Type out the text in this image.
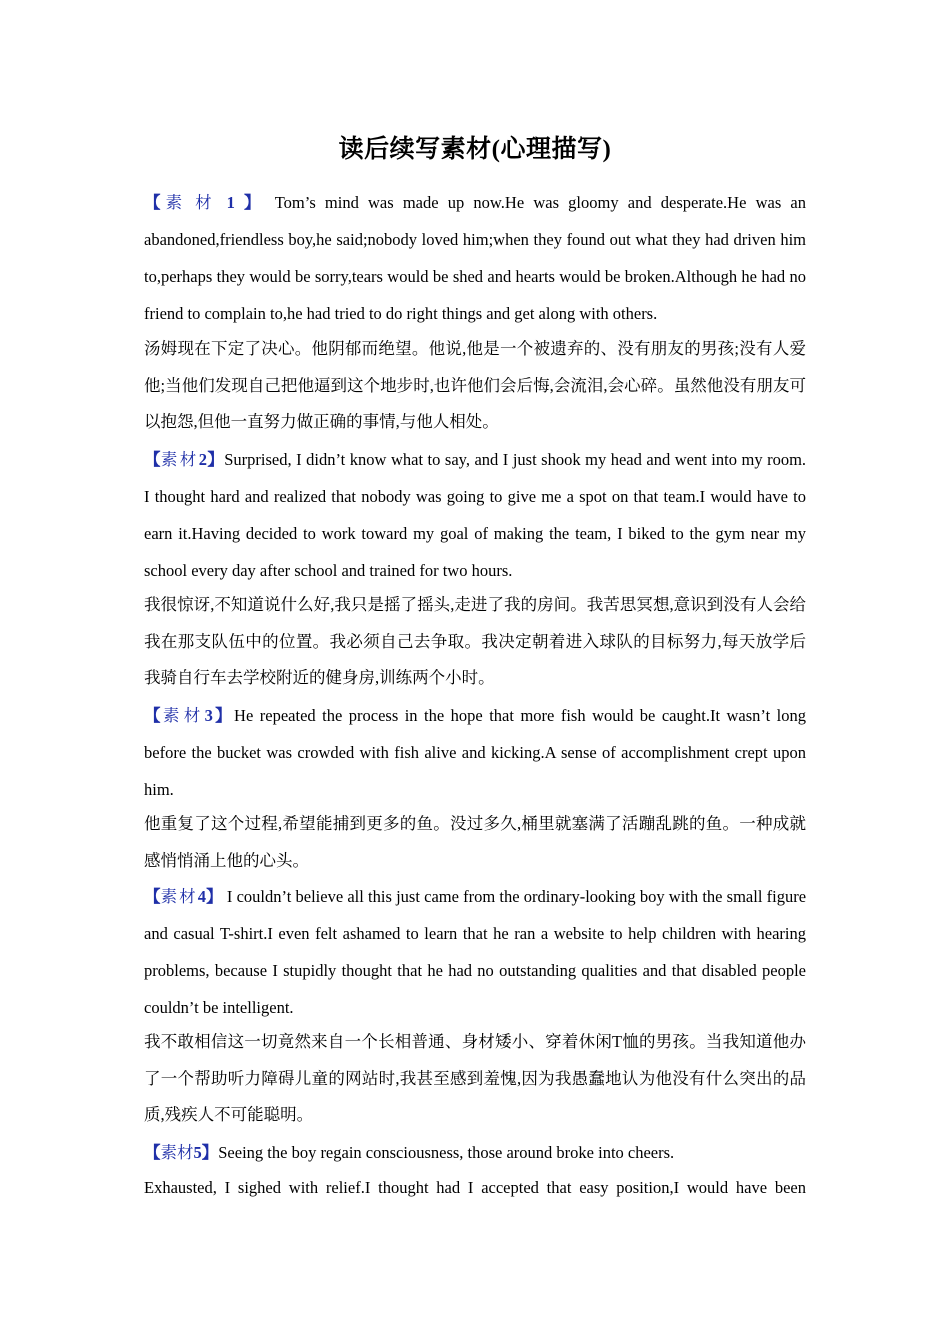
读后续写素材(心理描写)

【素材 1 】 Tom’s mind was made up now.He was gloomy and desperate.He was an abandoned,friendless boy,he said;nobody loved him;when they found out what they had driven him to,perhaps they would be sorry,tears would be shed and hearts would be broken.Although he had no friend to complain to,he had tried to do right things and get along with others.

汤姆现在下定了决心。他阴郁而绝望。他说,他是一个被遗弃的、没有朋友的男孩;没有人爱他;当他们发现自己把他逼到这个地步时,也许他们会后悔,会流泪,会心碎。虽然他没有朋友可以抱怨,但他一直努力做正确的事情,与他人相处。

【素材2】Surprised, I didn’t know what to say, and I just shook my head and went into my room. I thought hard and realized that nobody was going to give me a spot on that team.I would have to earn it.Having decided to work toward my goal of making the team, I biked to the gym near my school every day after school and trained for two hours.

我很惊讶,不知道说什么好,我只是摇了摇头,走进了我的房间。我苦思冥想,意识到没有人会给我在那支队伍中的位置。我必须自己去争取。我决定朝着进入球队的目标努力,每天放学后我骑自行车去学校附近的健身房,训练两个小时。

【素材3】He repeated the process in the hope that more fish would be caught.It wasn’t long before the bucket was crowded with fish alive and kicking.A sense of accomplishment crept upon him.

他重复了这个过程,希望能捕到更多的鱼。没过多久,桶里就塞满了活蹦乱跳的鱼。一种成就感悄悄涌上他的心头。

【素材4】 I couldn’t believe all this just came from the ordinary-looking boy with the small figure and casual T-shirt.I even felt ashamed to learn that he ran a website to help children with hearing problems, because I stupidly thought that he had no outstanding qualities and that disabled people couldn’t be intelligent.

我不敢相信这一切竟然来自一个长相普通、身材矮小、穿着休闲T恤的男孩。当我知道他办了一个帮助听力障碍儿童的网站时,我甚至感到羞愧,因为我愚蠢地认为他没有什么突出的品质,残疾人不可能聪明。

【素材5】Seeing the boy regain consciousness, those around broke into cheers.

Exhausted, I sighed with relief.I thought had I accepted that easy position,I would have been
